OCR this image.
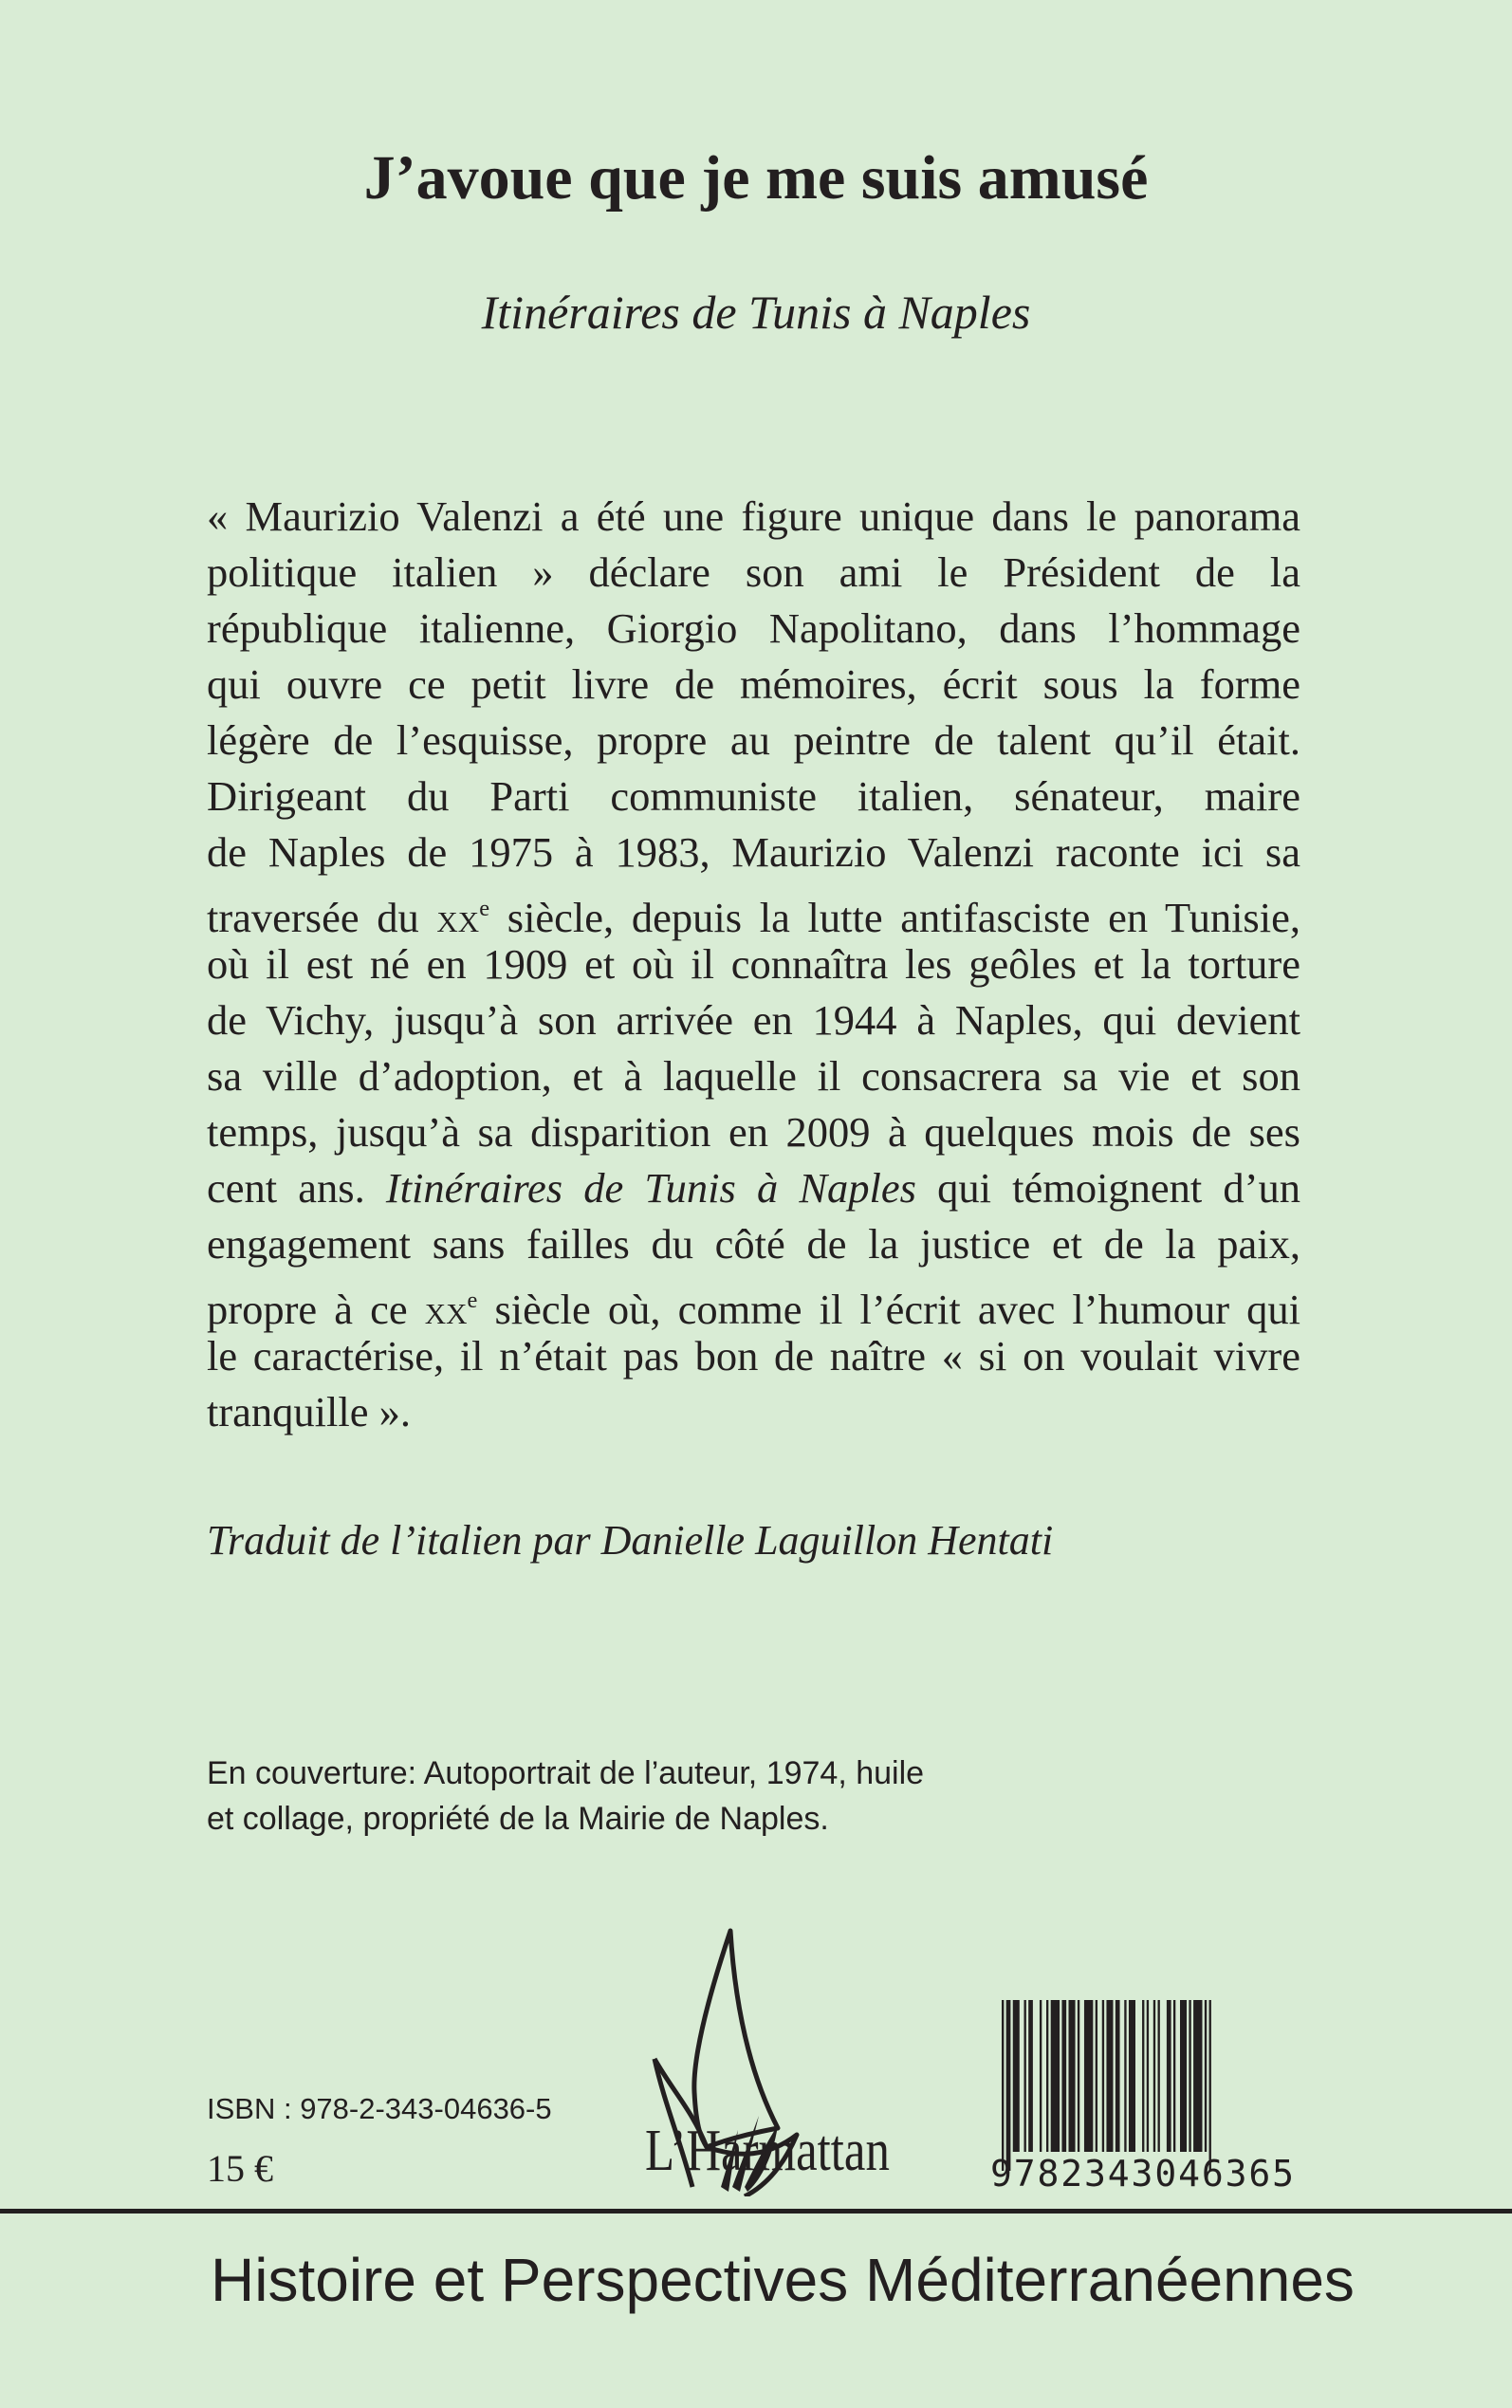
J’avoue que je me suis amusé
Itinéraires de Tunis à Naples
« Maurizio Valenzi a été une figure unique dans le panorama
politique italien » déclare son ami le Président de la
république italienne, Giorgio Napolitano, dans l’hommage
qui ouvre ce petit livre de mémoires, écrit sous la forme
légère de l’esquisse, propre au peintre de talent qu’il était.
Dirigeant du Parti communiste italien, sénateur, maire
de Naples de 1975 à 1983, Maurizio Valenzi raconte ici sa
traversée du $xx^e$ siècle, depuis la lutte antifasciste en Tunisie,
où il est né en 1909 et où il connaîtra les geôles et la torture
de Vichy, jusqu’à son arrivée en 1944 à Naples, qui devient
sa ville d’adoption, et à laquelle il consacrera sa vie et son
temps, jusqu’à sa disparition en 2009 à quelques mois de ses
cent ans. Itinéraires de Tunis à Naples qui témoignent d’un
engagement sans failles du côté de la justice et de la paix,
propre à ce $xx^e$ siècle où, comme il l’écrit avec l’humour qui
le caractérise, il n’était pas bon de naître « si on voulait vivre
tranquille ».
Traduit de l’italien par Danielle Laguillon Hentati
En couverture: Autoportrait de l’auteur, 1974, huile
et collage, propriété de la Mairie de Naples.
ISBN : 978-2-343-04636-5
15 €	L’Harmattan	9782343046365
Histoire et Perspectives Méditerranéennes
